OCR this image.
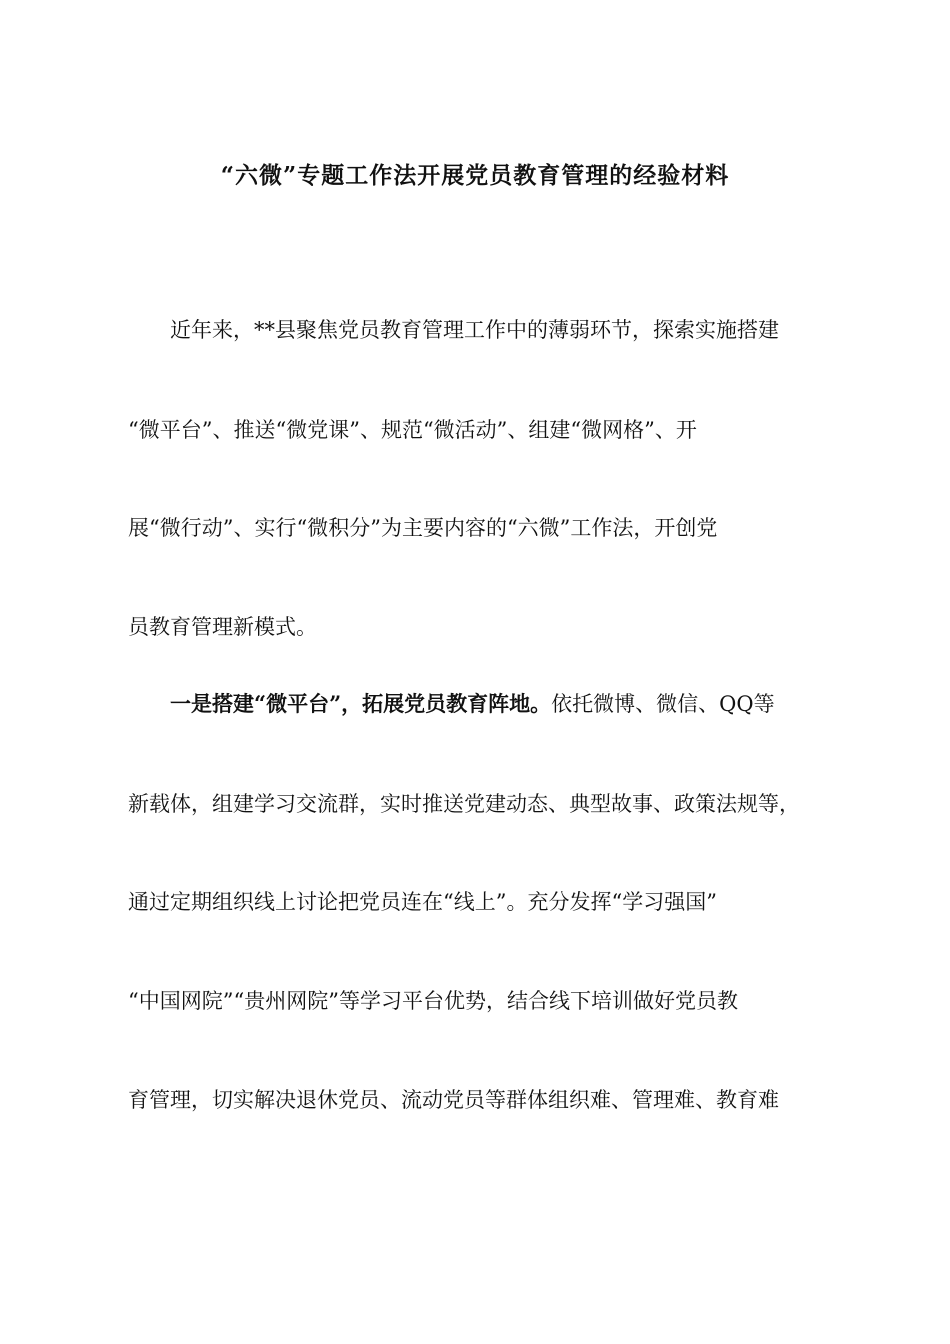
“六微”专题工作法开展党员教育管理的经验材料
近年来，**县聚焦党员教育管理工作中的薄弱环节，探索实施搭建
“微平台”、推送“微党课”、规范“微活动”、组建“微网格”、开
展“微行动”、实行“微积分”为主要内容的“六微”工作法，开创党
员教育管理新模式。
一是搭建“微平台”，拓展党员教育阵地。依托微博、微信、QQ等
新载体，组建学习交流群，实时推送党建动态、典型故事、政策法规等，
通过定期组织线上讨论把党员连在“线上”。充分发挥“学习强国”
“中国网院”“贵州网院”等学习平台优势，结合线下培训做好党员教
育管理，切实解决退休党员、流动党员等群体组织难、管理难、教育难
